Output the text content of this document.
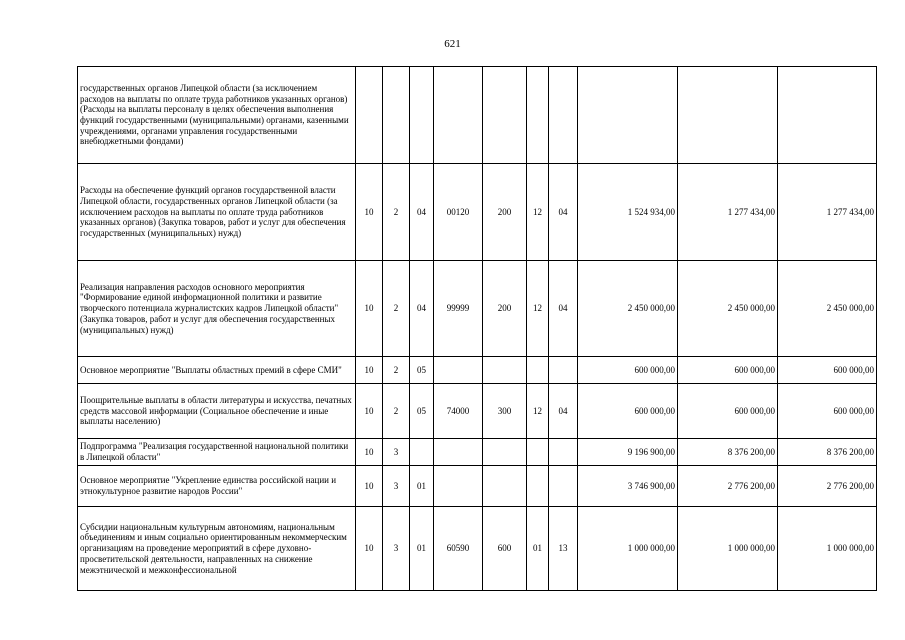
621
государственных органов Липецкой области (за исключением расходов на выплаты по оплате труда работников указанных органов) (Расходы на выплаты персоналу в целях обеспечения выполнения функций государственными (муниципальными) органами, казенными учреждениями, органами управления государственными внебюджетными фондами)										
Расходы на обеспечение функций органов государственной власти Липецкой области, государственных органов Липецкой области (за исключением расходов на выплаты по оплате труда работников указанных органов) (Закупка товаров, работ и услуг для обеспечения государственных (муниципальных) нужд)	10	2	04	00120	200	12	04	1 524 934,00	1 277 434,00	1 277 434,00
Реализация направления расходов основного мероприятия "Формирование единой информационной политики и развитие творческого потенциала журналистских кадров Липецкой области" (Закупка товаров, работ и услуг для обеспечения государственных (муниципальных) нужд)	10	2	04	99999	200	12	04	2 450 000,00	2 450 000,00	2 450 000,00
Основное мероприятие "Выплаты областных премий в сфере СМИ"	10	2	05					600 000,00	600 000,00	600 000,00
Поощрительные выплаты в области литературы и искусства, печатных средств массовой информации (Социальное обеспечение и иные выплаты населению)	10	2	05	74000	300	12	04	600 000,00	600 000,00	600 000,00
Подпрограмма "Реализация государственной национальной политики в Липецкой области"	10	3						9 196 900,00	8 376 200,00	8 376 200,00
Основное мероприятие "Укрепление единства российской нации и этнокультурное развитие народов России"	10	3	01					3 746 900,00	2 776 200,00	2 776 200,00
Субсидии национальным культурным автономиям, национальным объединениям и иным социально ориентированным некоммерческим организациям на проведение мероприятий в сфере духовно-просветительской деятельности, направленных на снижение межэтнической и межконфессиональной	10	3	01	60590	600	01	13	1 000 000,00	1 000 000,00	1 000 000,00
